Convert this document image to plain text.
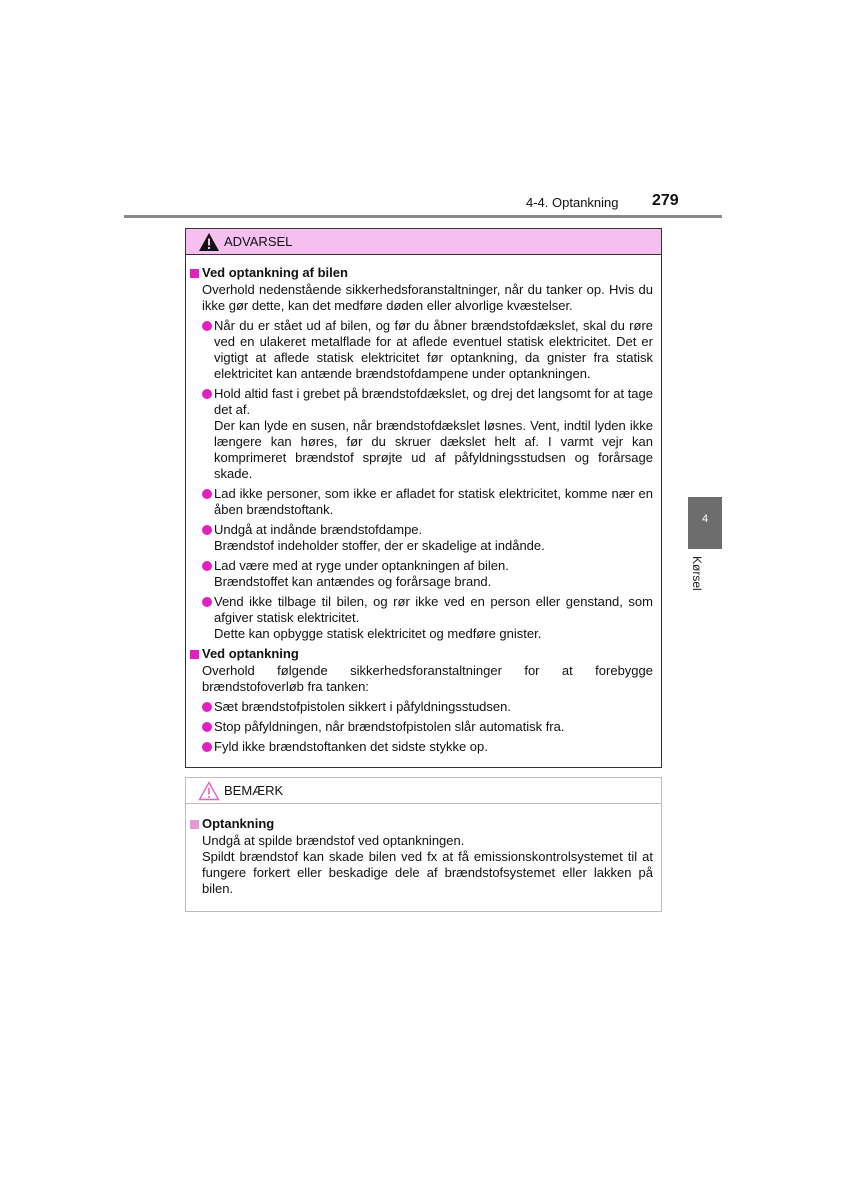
4-4. Optankning 279
4
Kørsel
ADVARSEL
Ved optankning af bilen
Overhold nedenstående sikkerhedsforanstaltninger, når du tanker op. Hvis du ikke gør dette, kan det medføre døden eller alvorlige kvæstelser.
Når du er stået ud af bilen, og før du åbner brændstofdækslet, skal du røre ved en ulakeret metalflade for at aflede eventuel statisk elektricitet. Det er vigtigt at aflede statisk elektricitet før optankning, da gnister fra statisk elektricitet kan antænde brændstofdampene under optankningen.
Hold altid fast i grebet på brændstofdækslet, og drej det langsomt for at tage det af.
Der kan lyde en susen, når brændstofdækslet løsnes. Vent, indtil lyden ikke længere kan høres, før du skruer dækslet helt af. I varmt vejr kan komprimeret brændstof sprøjte ud af påfyldningsstudsen og forårsage skade.
Lad ikke personer, som ikke er afladet for statisk elektricitet, komme nær en åben brændstoftank.
Undgå at indånde brændstofdampe.
Brændstof indeholder stoffer, der er skadelige at indånde.
Lad være med at ryge under optankningen af bilen.
Brændstoffet kan antændes og forårsage brand.
Vend ikke tilbage til bilen, og rør ikke ved en person eller genstand, som afgiver statisk elektricitet.
Dette kan opbygge statisk elektricitet og medføre gnister.
Ved optankning
Overhold følgende sikkerhedsforanstaltninger for at forebygge brændstofoverløb fra tanken:
Sæt brændstofpistolen sikkert i påfyldningsstudsen.
Stop påfyldningen, når brændstofpistolen slår automatisk fra.
Fyld ikke brændstoftanken det sidste stykke op.
BEMÆRK
Optankning
Undgå at spilde brændstof ved optankningen.
Spildt brændstof kan skade bilen ved fx at få emissionskontrolsystemet til at fungere forkert eller beskadige dele af brændstofsystemet eller lakken på bilen.
